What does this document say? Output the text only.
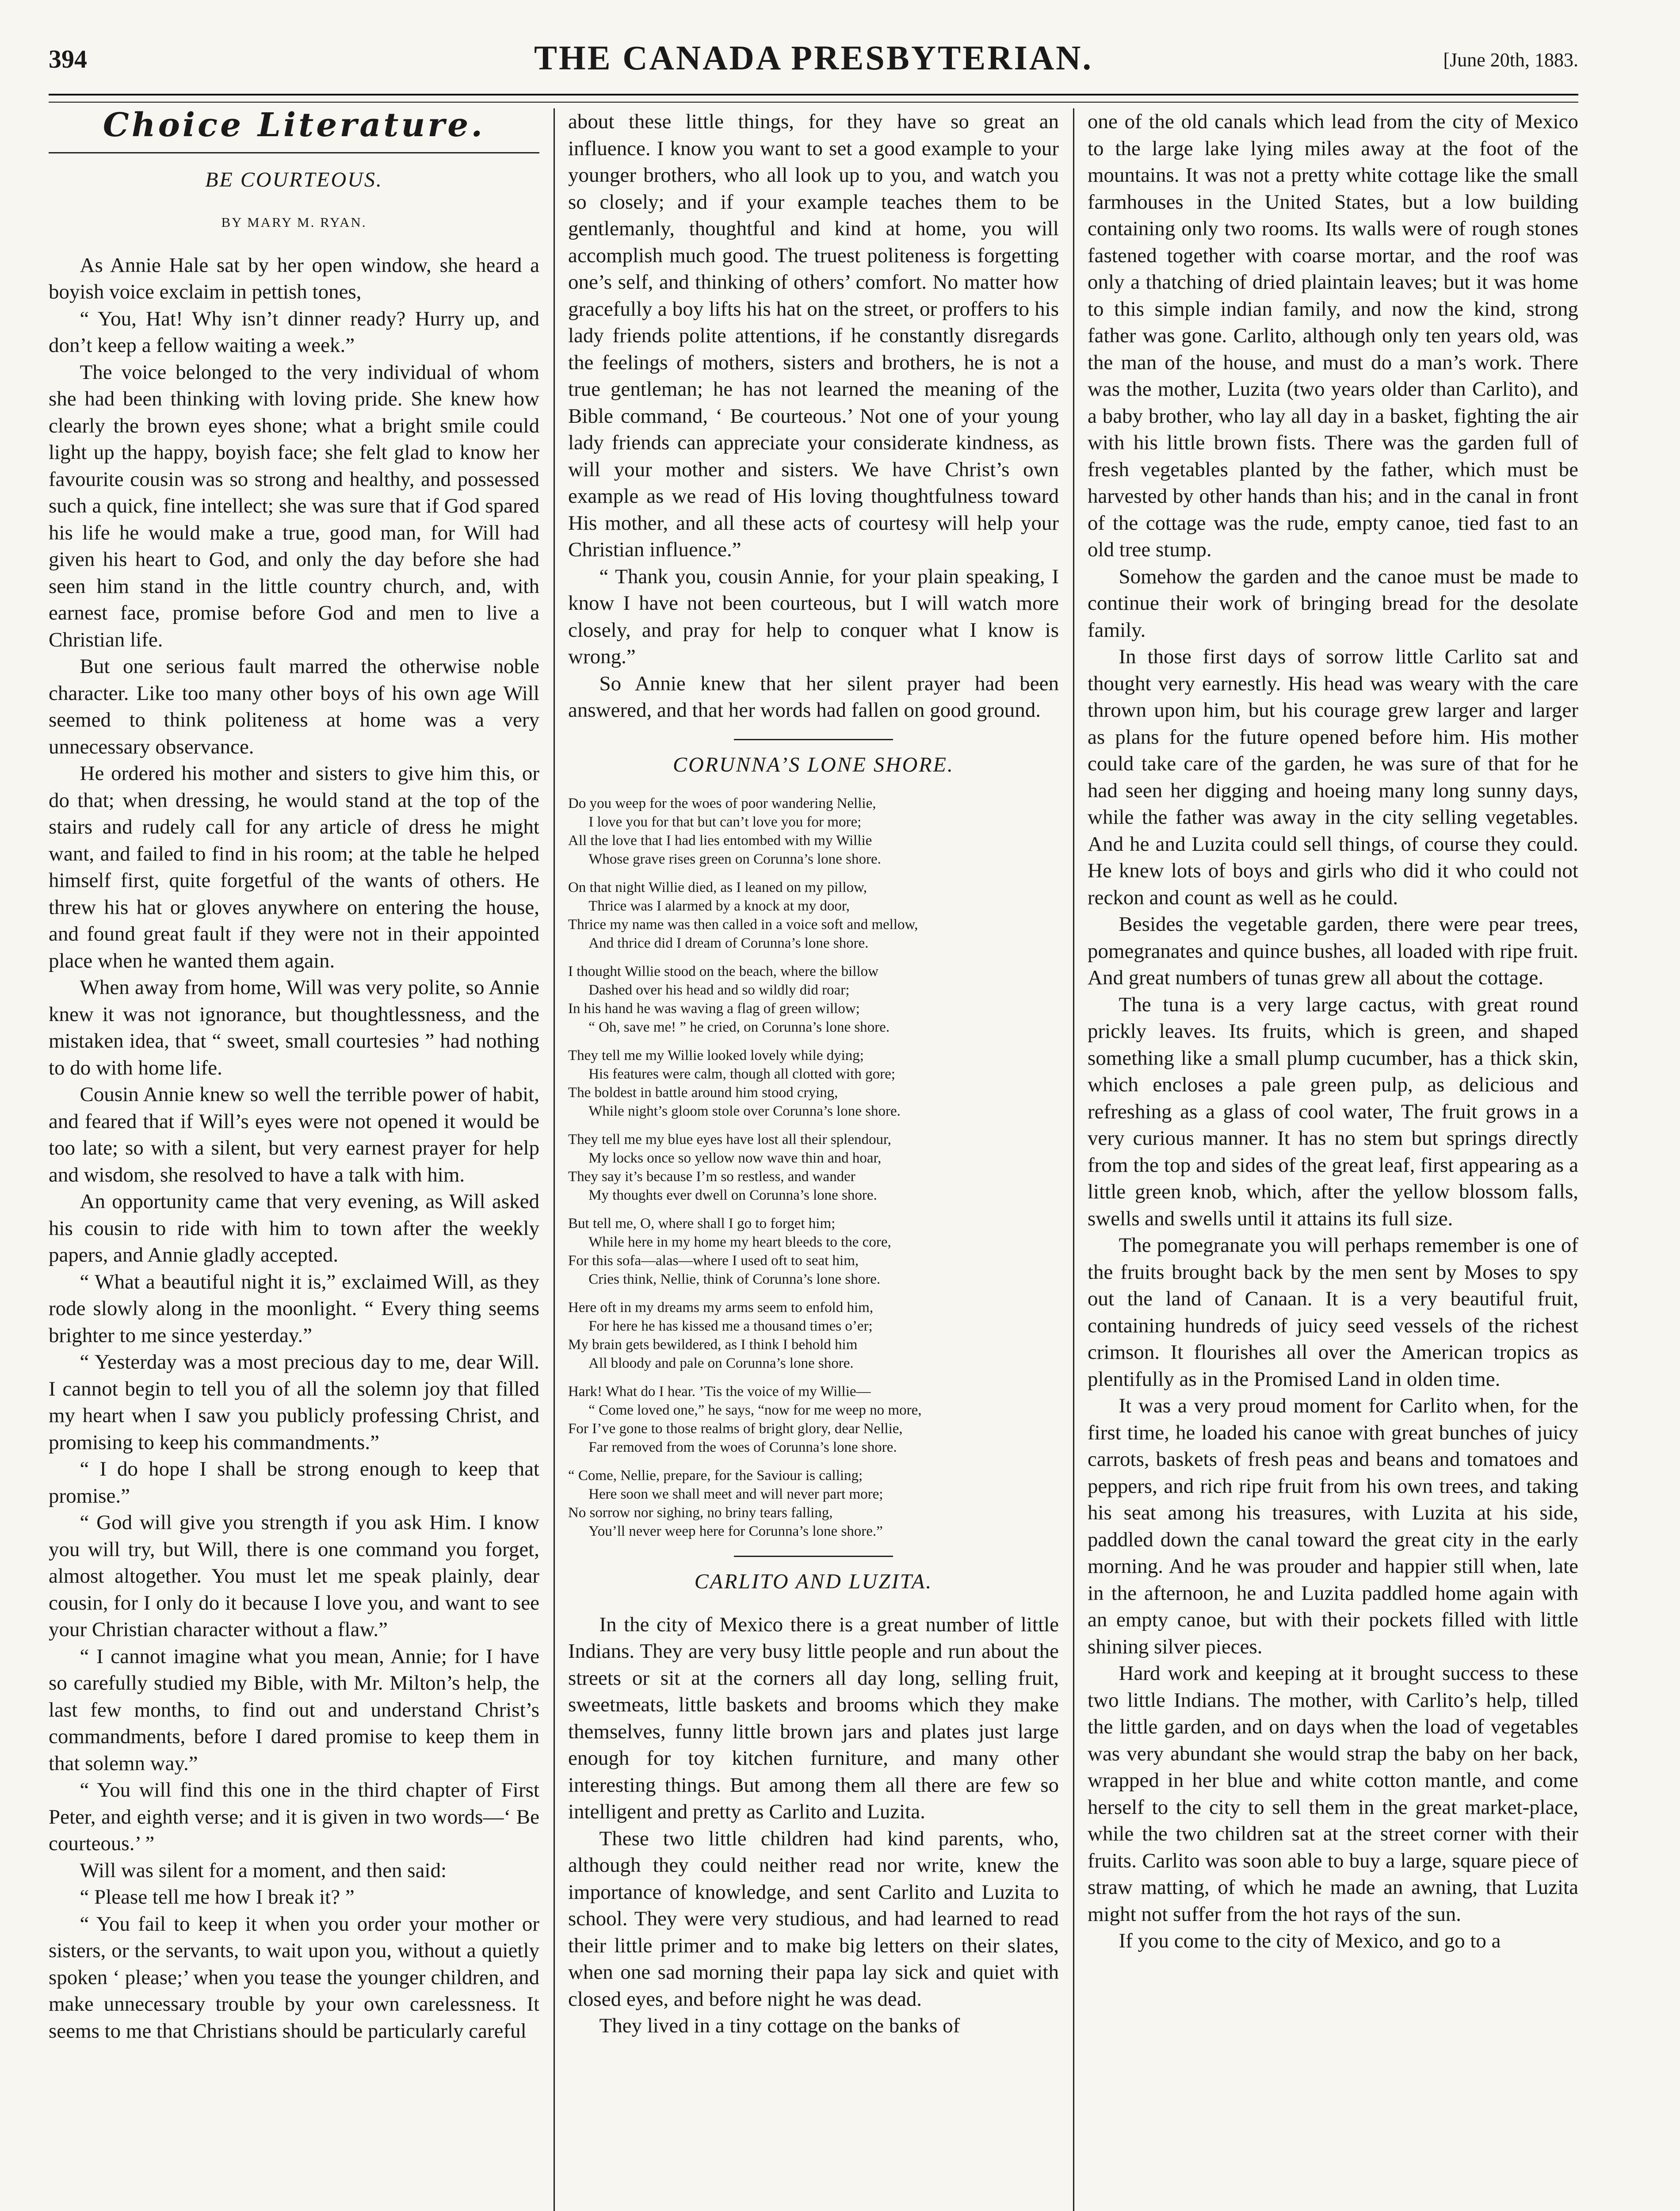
394	THE CANADA PRESBYTERIAN.	[June 20th, 1883.
Choice Literature.
BE COURTEOUS.
BY MARY M. RYAN.

As Annie Hale sat by her open window, she heard a boyish voice exclaim in pettish tones,

“ You, Hat! Why isn’t dinner ready? Hurry up, and don’t keep a fellow waiting a week.”

The voice belonged to the very individual of whom she had been thinking with loving pride. She knew how clearly the brown eyes shone; what a bright smile could light up the happy, boyish face; she felt glad to know her favourite cousin was so strong and healthy, and possessed such a quick, fine intellect; she was sure that if God spared his life he would make a true, good man, for Will had given his heart to God, and only the day before she had seen him stand in the little country church, and, with earnest face, promise before God and men to live a Christian life.

But one serious fault marred the otherwise noble character. Like too many other boys of his own age Will seemed to think politeness at home was a very unnecessary observance.

He ordered his mother and sisters to give him this, or do that; when dressing, he would stand at the top of the stairs and rudely call for any article of dress he might want, and failed to find in his room; at the table he helped himself first, quite forgetful of the wants of others. He threw his hat or gloves anywhere on entering the house, and found great fault if they were not in their appointed place when he wanted them again.

When away from home, Will was very polite, so Annie knew it was not ignorance, but thoughtlessness, and the mistaken idea, that “ sweet, small courtesies ” had nothing to do with home life.

Cousin Annie knew so well the terrible power of habit, and feared that if Will’s eyes were not opened it would be too late; so with a silent, but very earnest prayer for help and wisdom, she resolved to have a talk with him.

An opportunity came that very evening, as Will asked his cousin to ride with him to town after the weekly papers, and Annie gladly accepted.

“ What a beautiful night it is,” exclaimed Will, as they rode slowly along in the moonlight. “ Every thing seems brighter to me since yesterday.”

“ Yesterday was a most precious day to me, dear Will. I cannot begin to tell you of all the solemn joy that filled my heart when I saw you publicly professing Christ, and promising to keep his commandments.”

“ I do hope I shall be strong enough to keep that promise.”

“ God will give you strength if you ask Him. I know you will try, but Will, there is one command you forget, almost altogether. You must let me speak plainly, dear cousin, for I only do it because I love you, and want to see your Christian character without a flaw.”

“ I cannot imagine what you mean, Annie; for I have so carefully studied my Bible, with Mr. Milton’s help, the last few months, to find out and understand Christ’s commandments, before I dared promise to keep them in that solemn way.”

“ You will find this one in the third chapter of First Peter, and eighth verse; and it is given in two words—‘ Be courteous.’ ”

Will was silent for a moment, and then said:

“ Please tell me how I break it? ”

“ You fail to keep it when you order your mother or sisters, or the servants, to wait upon you, without a quietly spoken ‘ please;’ when you tease the younger children, and make unnecessary trouble by your own carelessness. It seems to me that Christians should be particularly careful

about these little things, for they have so great an influence. I know you want to set a good example to your younger brothers, who all look up to you, and watch you so closely; and if your example teaches them to be gentlemanly, thoughtful and kind at home, you will accomplish much good. The truest politeness is forgetting one’s self, and thinking of others’ comfort. No matter how gracefully a boy lifts his hat on the street, or proffers to his lady friends polite attentions, if he constantly disregards the feelings of mothers, sisters and brothers, he is not a true gentleman; he has not learned the meaning of the Bible command, ‘ Be courteous.’ Not one of your young lady friends can appreciate your considerate kindness, as will your mother and sisters. We have Christ’s own example as we read of His loving thoughtfulness toward His mother, and all these acts of courtesy will help your Christian influence.”

“ Thank you, cousin Annie, for your plain speaking, I know I have not been courteous, but I will watch more closely, and pray for help to conquer what I know is wrong.”

So Annie knew that her silent prayer had been answered, and that her words had fallen on good ground.

CORUNNA’S LONE SHORE.
Do you weep for the woes of poor wandering Nellie,
I love you for that but can’t love you for more;
All the love that I had lies entombed with my Willie
Whose grave rises green on Corunna’s lone shore.
On that night Willie died, as I leaned on my pillow,
Thrice was I alarmed by a knock at my door,
Thrice my name was then called in a voice soft and mellow,
And thrice did I dream of Corunna’s lone shore.
I thought Willie stood on the beach, where the billow
Dashed over his head and so wildly did roar;
In his hand he was waving a flag of green willow;
“ Oh, save me! ” he cried, on Corunna’s lone shore.
They tell me my Willie looked lovely while dying;
His features were calm, though all clotted with gore;
The boldest in battle around him stood crying,
While night’s gloom stole over Corunna’s lone shore.
They tell me my blue eyes have lost all their splendour,
My locks once so yellow now wave thin and hoar,
They say it’s because I’m so restless, and wander
My thoughts ever dwell on Corunna’s lone shore.
But tell me, O, where shall I go to forget him;
While here in my home my heart bleeds to the core,
For this sofa—alas—where I used oft to seat him,
Cries think, Nellie, think of Corunna’s lone shore.
Here oft in my dreams my arms seem to enfold him,
For here he has kissed me a thousand times o’er;
My brain gets bewildered, as I think I behold him
All bloody and pale on Corunna’s lone shore.
Hark! What do I hear. ’Tis the voice of my Willie—
“ Come loved one,” he says, “now for me weep no more,
For I’ve gone to those realms of bright glory, dear Nellie,
Far removed from the woes of Corunna’s lone shore.
“ Come, Nellie, prepare, for the Saviour is calling;
Here soon we shall meet and will never part more;
No sorrow nor sighing, no briny tears falling,
You’ll never weep here for Corunna’s lone shore.”
CARLITO AND LUZITA.

In the city of Mexico there is a great number of little Indians. They are very busy little people and run about the streets or sit at the corners all day long, selling fruit, sweetmeats, little baskets and brooms which they make themselves, funny little brown jars and plates just large enough for toy kitchen furniture, and many other interesting things. But among them all there are few so intelligent and pretty as Carlito and Luzita.

These two little children had kind parents, who, although they could neither read nor write, knew the importance of knowledge, and sent Carlito and Luzita to school. They were very studious, and had learned to read their little primer and to make big letters on their slates, when one sad morning their papa lay sick and quiet with closed eyes, and before night he was dead.

They lived in a tiny cottage on the banks of

one of the old canals which lead from the city of Mexico to the large lake lying miles away at the foot of the mountains. It was not a pretty white cottage like the small farmhouses in the United States, but a low building containing only two rooms. Its walls were of rough stones fastened together with coarse mortar, and the roof was only a thatching of dried plaintain leaves; but it was home to this simple indian family, and now the kind, strong father was gone. Carlito, although only ten years old, was the man of the house, and must do a man’s work. There was the mother, Luzita (two years older than Carlito), and a baby brother, who lay all day in a basket, fighting the air with his little brown fists. There was the garden full of fresh vegetables planted by the father, which must be harvested by other hands than his; and in the canal in front of the cottage was the rude, empty canoe, tied fast to an old tree stump.

Somehow the garden and the canoe must be made to continue their work of bringing bread for the desolate family.

In those first days of sorrow little Carlito sat and thought very earnestly. His head was weary with the care thrown upon him, but his courage grew larger and larger as plans for the future opened before him. His mother could take care of the garden, he was sure of that for he had seen her digging and hoeing many long sunny days, while the father was away in the city selling vegetables. And he and Luzita could sell things, of course they could. He knew lots of boys and girls who did it who could not reckon and count as well as he could.

Besides the vegetable garden, there were pear trees, pomegranates and quince bushes, all loaded with ripe fruit. And great numbers of tunas grew all about the cottage.

The tuna is a very large cactus, with great round prickly leaves. Its fruits, which is green, and shaped something like a small plump cucumber, has a thick skin, which encloses a pale green pulp, as delicious and refreshing as a glass of cool water, The fruit grows in a very curious manner. It has no stem but springs directly from the top and sides of the great leaf, first appearing as a little green knob, which, after the yellow blossom falls, swells and swells until it attains its full size.

The pomegranate you will perhaps remember is one of the fruits brought back by the men sent by Moses to spy out the land of Canaan. It is a very beautiful fruit, containing hundreds of juicy seed vessels of the richest crimson. It flourishes all over the American tropics as plentifully as in the Promised Land in olden time.

It was a very proud moment for Carlito when, for the first time, he loaded his canoe with great bunches of juicy carrots, baskets of fresh peas and beans and tomatoes and peppers, and rich ripe fruit from his own trees, and taking his seat among his treasures, with Luzita at his side, paddled down the canal toward the great city in the early morning. And he was prouder and happier still when, late in the afternoon, he and Luzita paddled home again with an empty canoe, but with their pockets filled with little shining silver pieces.

Hard work and keeping at it brought success to these two little Indians. The mother, with Carlito’s help, tilled the little garden, and on days when the load of vegetables was very abundant she would strap the baby on her back, wrapped in her blue and white cotton mantle, and come herself to the city to sell them in the great market-place, while the two children sat at the street corner with their fruits. Carlito was soon able to buy a large, square piece of straw matting, of which he made an awning, that Luzita might not suffer from the hot rays of the sun.

If you come to the city of Mexico, and go to a
